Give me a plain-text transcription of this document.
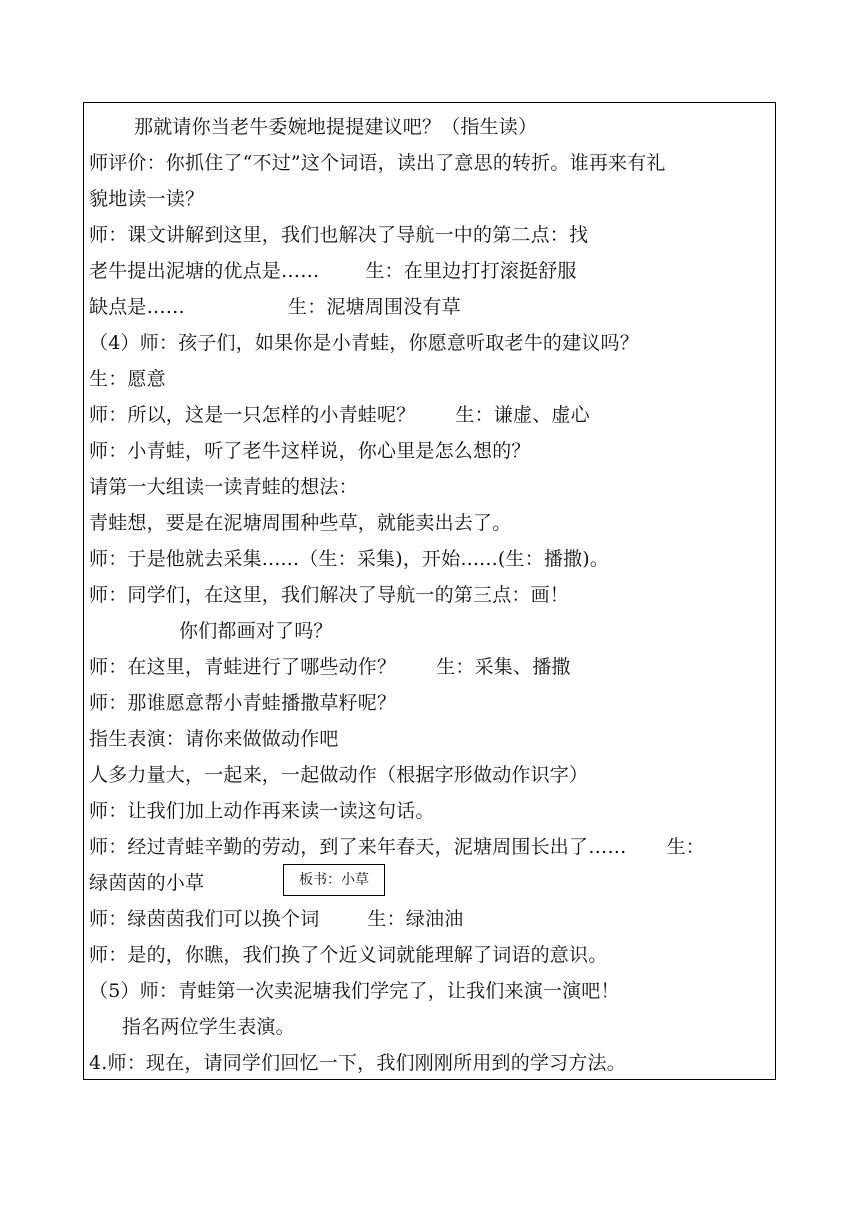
那就请你当老牛委婉地提提建议吧？（指生读）
师评价：你抓住了“不过”这个词语，读出了意思的转折。谁再来有礼
貌地读一读？
师：课文讲解到这里，我们也解决了导航一中的第二点：找
老牛提出泥塘的优点是…… 生：在里边打打滚挺舒服
缺点是……	生：泥塘周围没有草
（4）师：孩子们，如果你是小青蛙，你愿意听取老牛的建议吗？
生：愿意
师：所以，这是一只怎样的小青蛙呢？ 生：谦虚、虚心
师：小青蛙，听了老牛这样说，你心里是怎么想的？
请第一大组读一读青蛙的想法：
青蛙想，要是在泥塘周围种些草，就能卖出去了。
师：于是他就去采集......（生：采集)，开始......(生：播撒)。
师：同学们，在这里，我们解决了导航一的第三点：画！
你们都画对了吗？
师：在这里，青蛙进行了哪些动作？ 生：采集、播撒
师：那谁愿意帮小青蛙播撒草籽呢？
指生表演：请你来做做动作吧
人多力量大，一起来，一起做动作（根据字形做动作识字）
师：让我们加上动作再来读一读这句话。
师：经过青蛙辛勤的劳动，到了来年春天，泥塘周围长出了…… 生：
绿茵茵的小草	板书：小草
师：绿茵茵我们可以换个词	生：绿油油
师：是的，你瞧，我们换了个近义词就能理解了词语的意识。
（5）师：青蛙第一次卖泥塘我们学完了，让我们来演一演吧！
指名两位学生表演。
4.师：现在，请同学们回忆一下，我们刚刚所用到的学习方法。
